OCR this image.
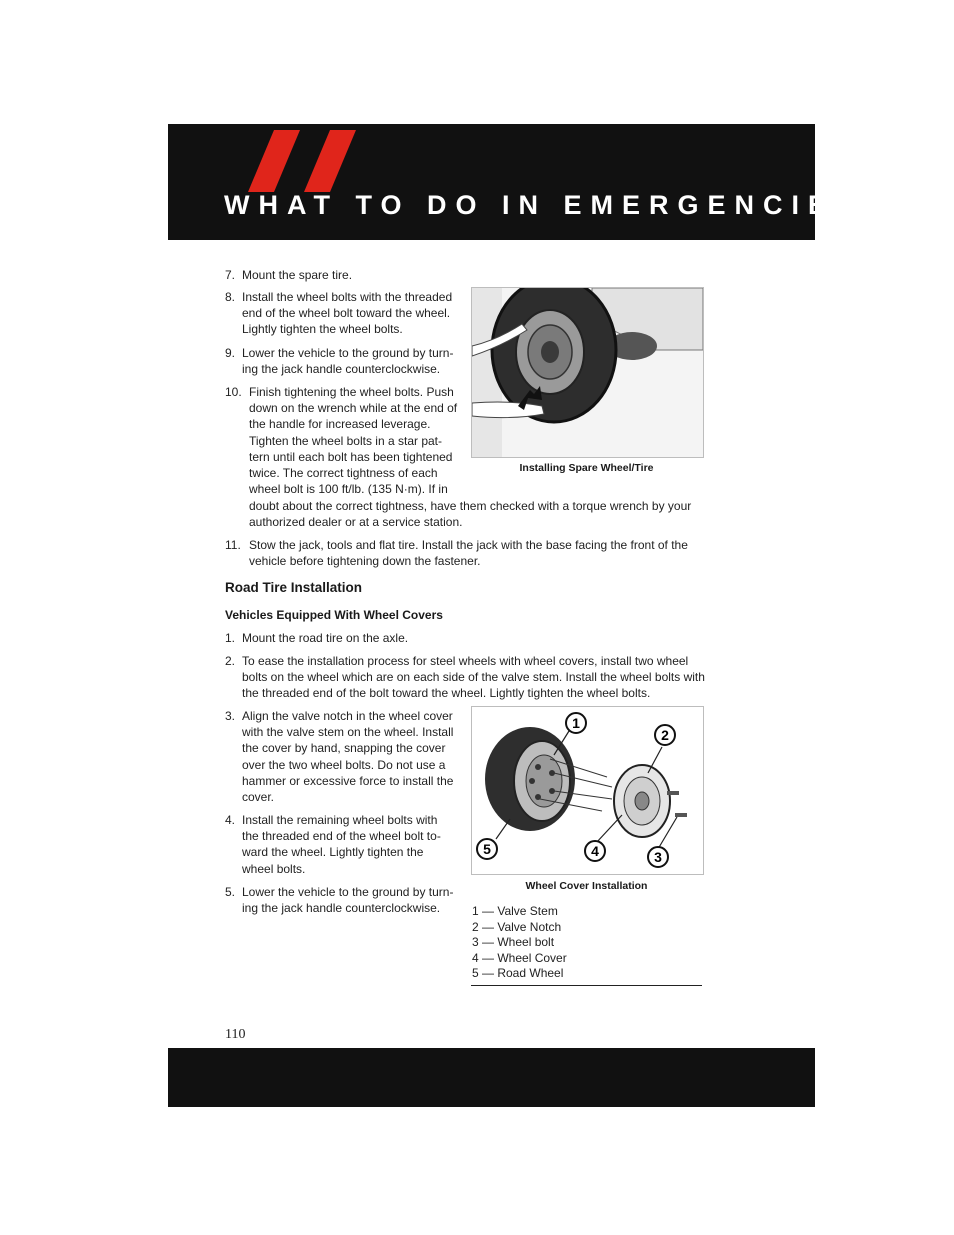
WHAT TO DO IN EMERGENCIES
7. Mount the spare tire.
8. Install the wheel bolts with the threaded
end of the wheel bolt toward the wheel.
Lightly tighten the wheel bolts.
9. Lower the vehicle to the ground by turn-
ing the jack handle counterclockwise.
10. Finish tightening the wheel bolts. Push
down on the wrench while at the end of
the handle for increased leverage.
Tighten the wheel bolts in a star pat-
tern until each bolt has been tightened
twice. The correct tightness of each
wheel bolt is 100 ft/lb. (135 N·m). If in
doubt about the correct tightness, have them checked with a torque wrench by your
authorized dealer or at a service station.
11. Stow the jack, tools and flat tire. Install the jack with the base facing the front of the
vehicle before tightening down the fastener.
Installing Spare Wheel/Tire
Road Tire Installation
Vehicles Equipped With Wheel Covers
1. Mount the road tire on the axle.
2. To ease the installation process for steel wheels with wheel covers, install two wheel
bolts on the wheel which are on each side of the valve stem. Install the wheel bolts with
the threaded end of the bolt toward the wheel. Lightly tighten the wheel bolts.
3. Align the valve notch in the wheel cover
with the valve stem on the wheel. Install
the cover by hand, snapping the cover
over the two wheel bolts. Do not use a
hammer or excessive force to install the
cover.
4. Install the remaining wheel bolts with
the threaded end of the wheel bolt to-
ward the wheel. Lightly tighten the
wheel bolts.
5. Lower the vehicle to the ground by turn-
ing the jack handle counterclockwise.
1
2
3
4
5
Wheel Cover Installation
1 — Valve Stem
2 — Valve Notch
3 — Wheel bolt
4 — Wheel Cover
5 — Road Wheel
110
